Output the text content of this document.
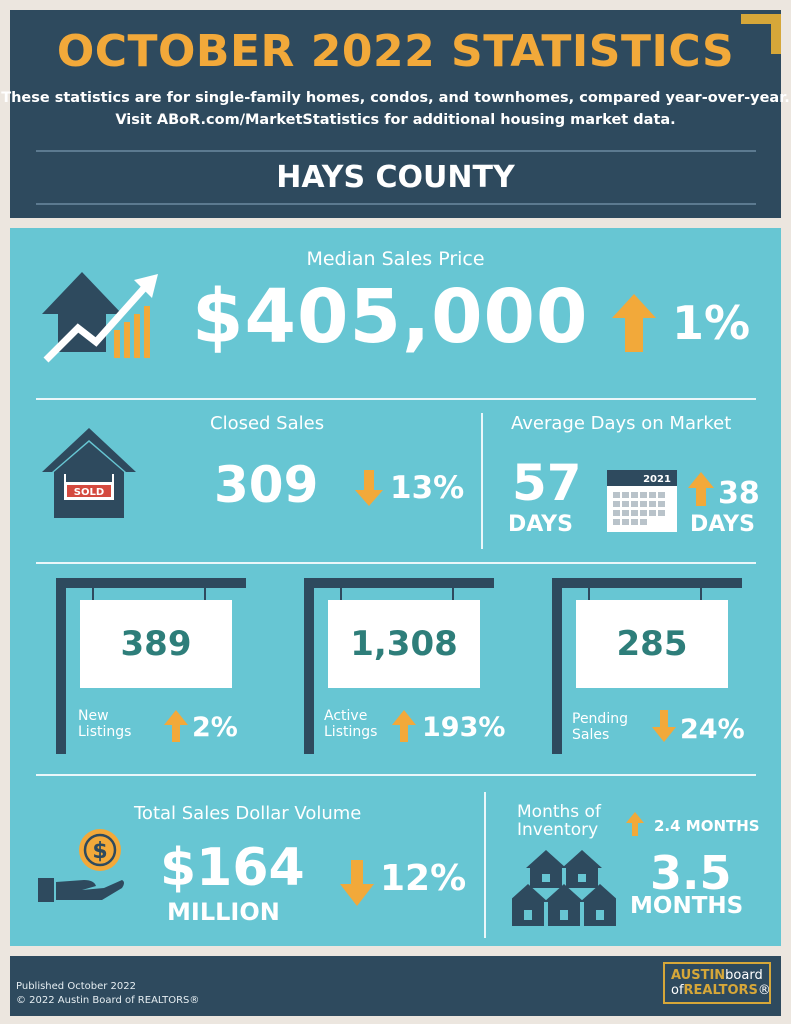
OCTOBER 2022 STATISTICS
These statistics are for single-family homes, condos, and townhomes, compared year-over-year.
Visit ABoR.com/MarketStatistics for additional housing market data.
HAYS COUNTY
Median Sales Price
$405,000 1%
Closed Sales
SOLD 309 13%
Average Days on Market
57
DAYS
2021 38
DAYS
389
New
Listings 2%
1,308
Active
Listings 193%
285
Pending
Sales	24%
Total Sales Dollar Volume
$ $164
MILLION
12%
Months of
Inventory	2.4 MONTHS
3.5
MONTHS
Published October 2022
© 2022 Austin Board of REALTORS®
AUSTINboard
ofREALTORS®
